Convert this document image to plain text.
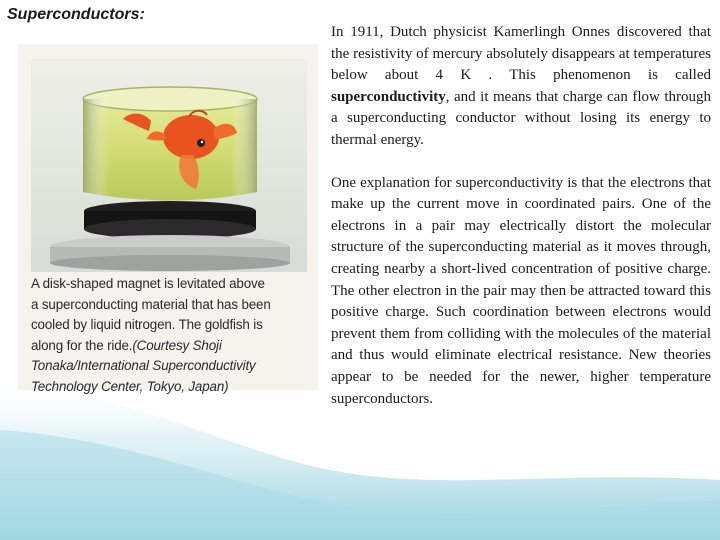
Superconductors:
A disk-shaped magnet is levitated above
a superconducting material that has been
cooled by liquid nitrogen. The goldfish is
along for the ride.(Courtesy Shoji
Tonaka/International Superconductivity
Technology Center, Tokyo, Japan)

In 1911, Dutch physicist Kamerlingh Onnes discovered that the resistivity of mercury absolutely disappears at temperatures below about 4 K . This phenomenon is called superconductivity, and it means that charge can flow through a superconducting conductor without losing its energy to thermal energy.

One explanation for superconductivity is that the electrons that make up the current move in coordinated pairs. One of the electrons in a pair may electrically distort the molecular structure of the superconducting material as it moves through, creating nearby a short-lived concentration of positive charge. The other electron in the pair may then be attracted toward this positive charge. Such coordination between electrons would prevent them from colliding with the molecules of the material and thus would eliminate electrical resistance. New theories appear to be needed for the newer, higher temperature superconductors.
